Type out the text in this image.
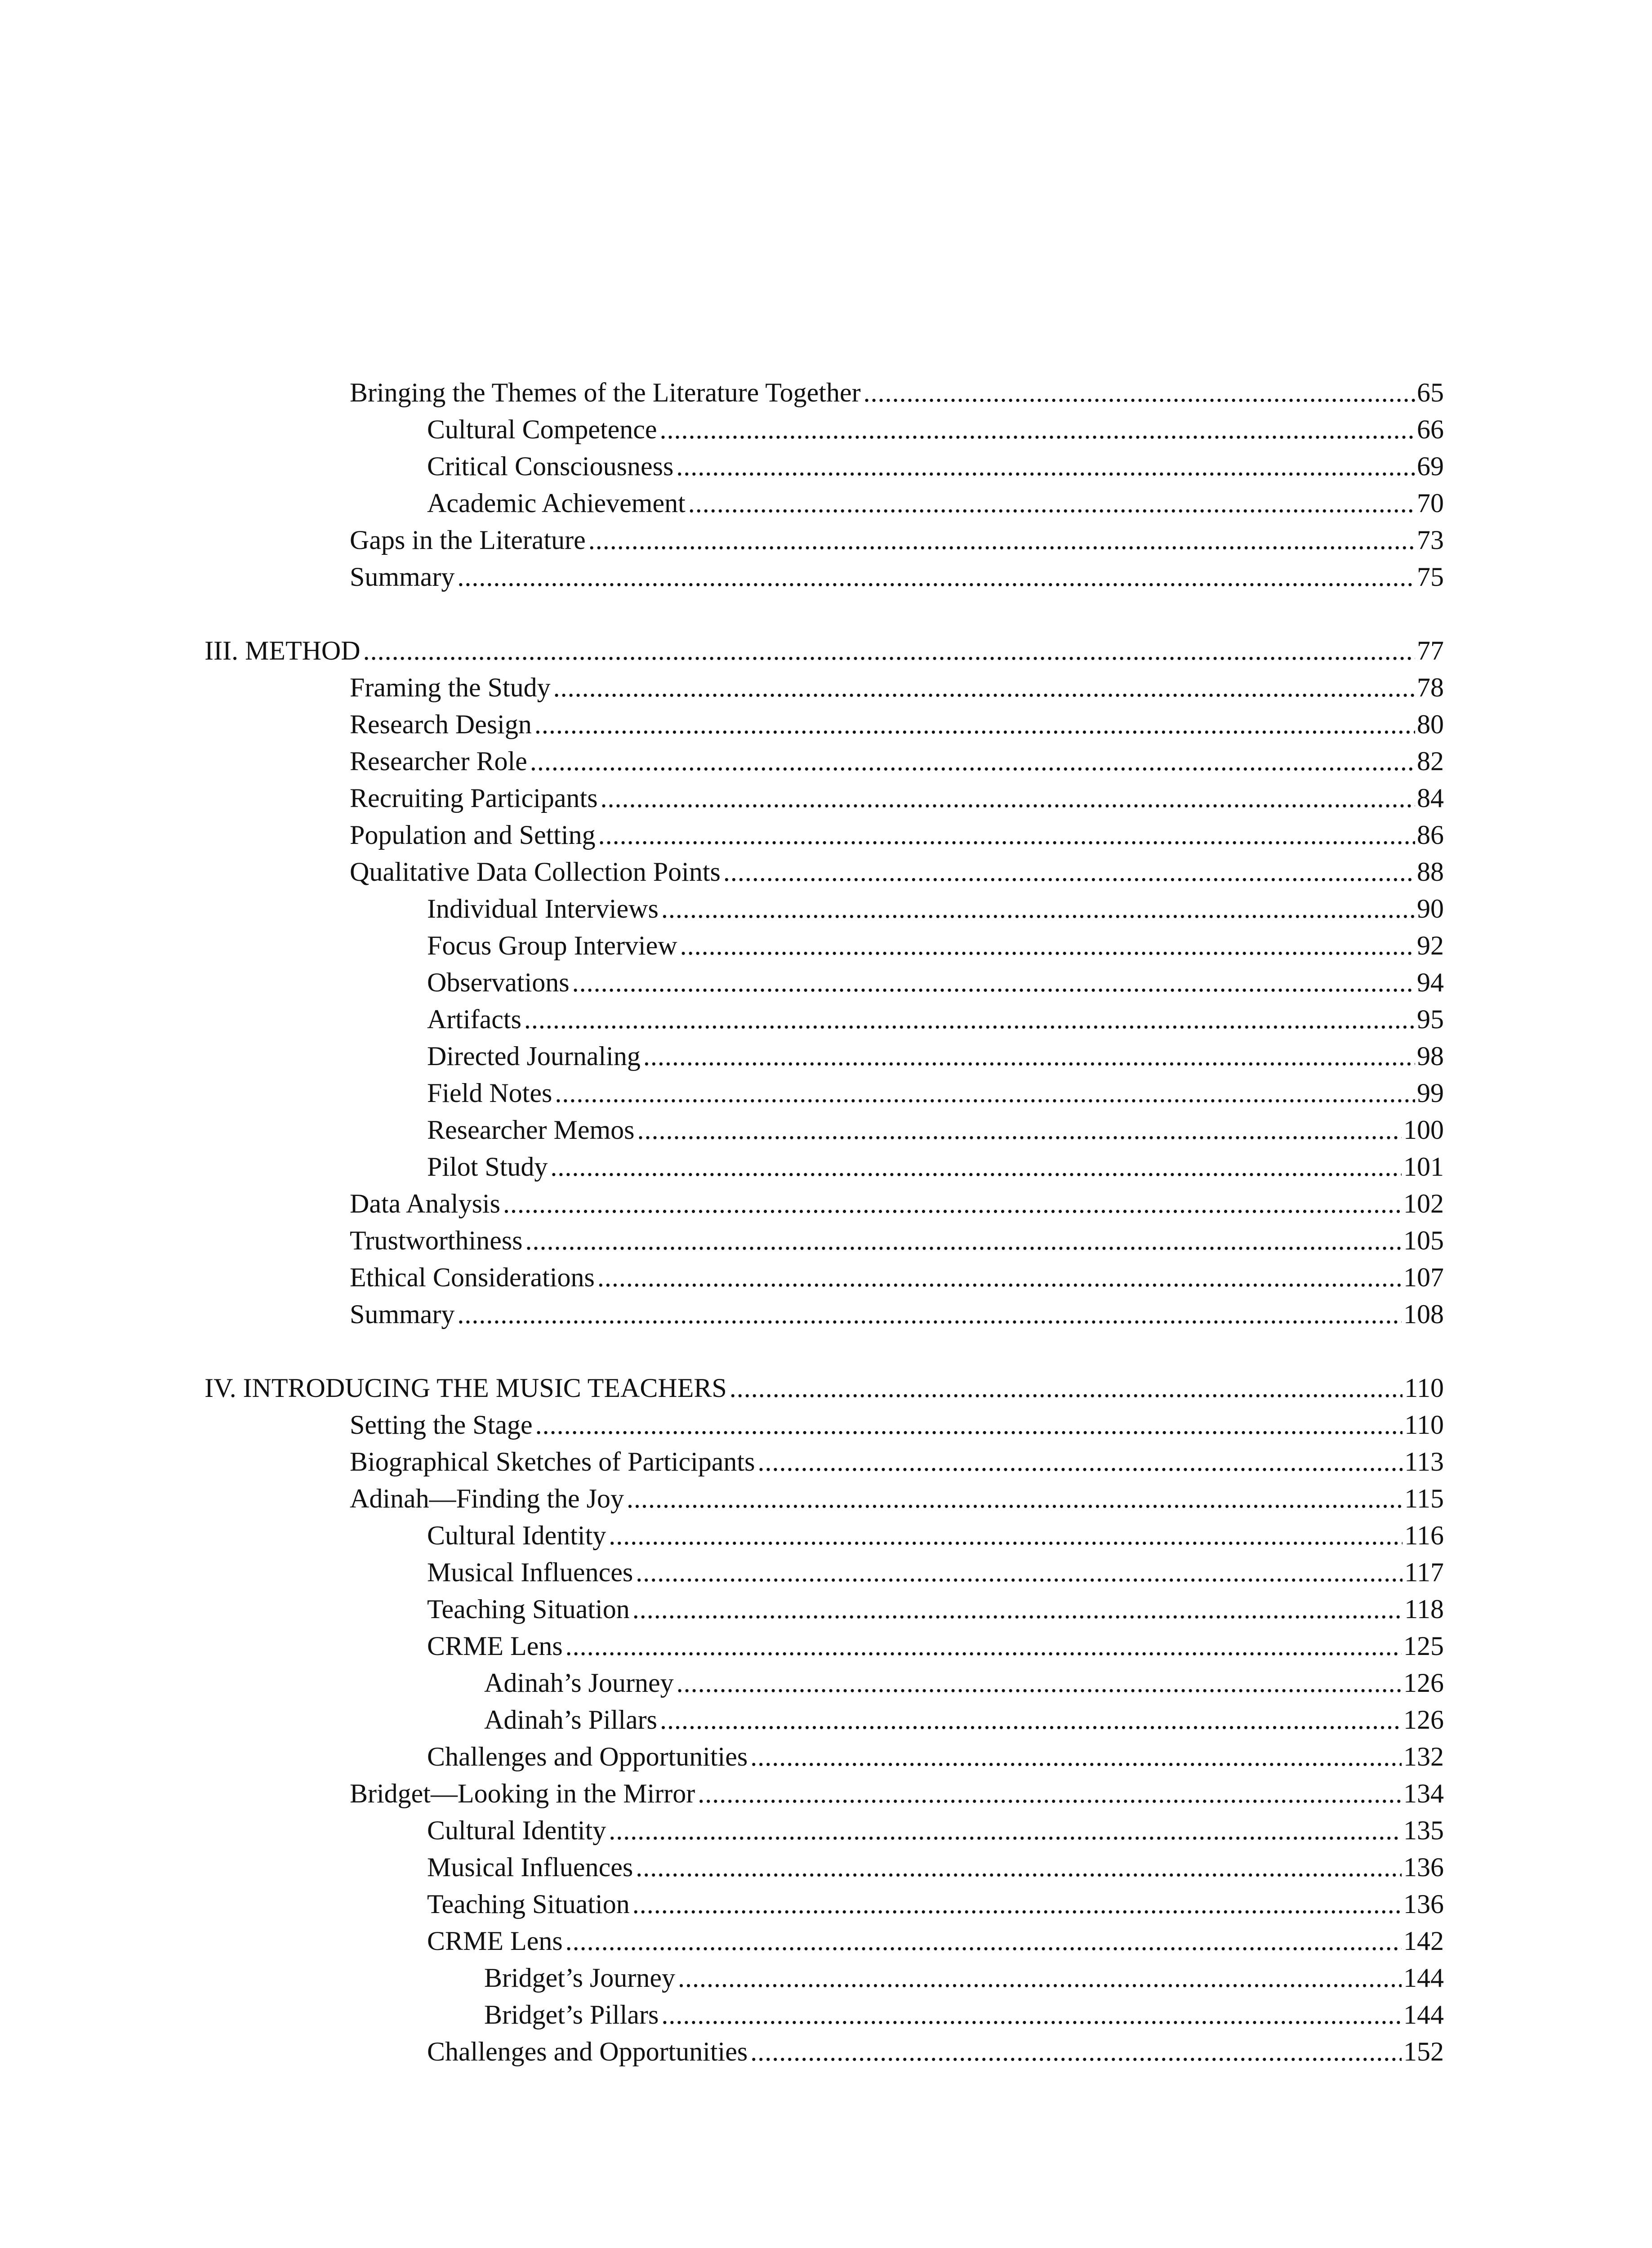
Bringing the Themes of the Literature Together .....	65
Cultural Competence .....	66
Critical Consciousness .....	69
Academic Achievement .....	70
Gaps in the Literature .....	73
Summary .....	75
III. METHOD .....	77
Framing the Study .....	78
Research Design .....	80
Researcher Role .....	82
Recruiting Participants .....	84
Population and Setting .....	86
Qualitative Data Collection Points .....	88
Individual Interviews .....	90
Focus Group Interview .....	92
Observations .....	94
Artifacts .....	95
Directed Journaling .....	98
Field Notes .....	99
Researcher Memos .....	100
Pilot Study .....	101
Data Analysis .....	102
Trustworthiness .....	105
Ethical Considerations .....	107
Summary .....	108
IV. INTRODUCING THE MUSIC TEACHERS .....	110
Setting the Stage .....	110
Biographical Sketches of Participants .....	113
Adinah—Finding the Joy .....	115
Cultural Identity .....	116
Musical Influences .....	117
Teaching Situation .....	118
CRME Lens .....	125
Adinah’s Journey .....	126
Adinah’s Pillars .....	126
Challenges and Opportunities .....	132
Bridget—Looking in the Mirror .....	134
Cultural Identity .....	135
Musical Influences .....	136
Teaching Situation .....	136
CRME Lens .....	142
Bridget’s Journey .....	144
Bridget’s Pillars .....	144
Challenges and Opportunities .....	152
